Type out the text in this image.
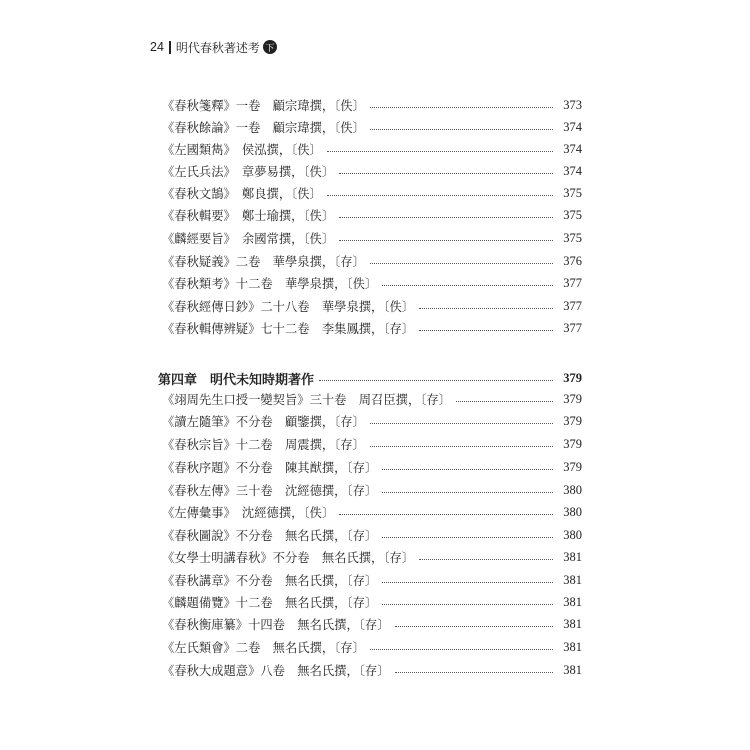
24 明代春秋著述考 下
《春秋箋釋》一卷　顧宗瑋撰，〔佚〕	373
《春秋餘論》一卷　顧宗瑋撰，〔佚〕	374
《左國類雋》　侯泓撰，〔佚〕	374
《左氏兵法》　章夢易撰，〔佚〕	374
《春秋文鵠》　鄭良撰，〔佚〕	375
《春秋輯要》　鄭士瑜撰，〔佚〕	375
《麟經要旨》　余國常撰，〔佚〕	375
《春秋疑義》二卷　華學泉撰，〔存〕	376
《春秋類考》十二卷　華學泉撰，〔佚〕	377
《春秋經傳日鈔》二十八卷　華學泉撰，〔佚〕	377
《春秋輯傳辨疑》七十二卷　李集鳳撰，〔存〕	377
第四章　明代未知時期著作	379
《翊周先生口授一變契旨》三十卷　周召臣撰，〔存〕	379
《讀左隨筆》不分卷　顧鑒撰，〔存〕	379
《春秋宗旨》十二卷　周震撰，〔存〕	379
《春秋序題》不分卷　陳其猷撰，〔存〕	379
《春秋左傳》三十卷　沈經德撰，〔存〕	380
《左傳彙事》　沈經德撰，〔佚〕	380
《春秋圖說》不分卷　無名氏撰，〔存〕	380
《女學士明講春秋》不分卷　無名氏撰，〔存〕	381
《春秋講章》不分卷　無名氏撰，〔存〕	381
《麟題備覽》十二卷　無名氏撰，〔存〕	381
《春秋衡庫纂》十四卷　無名氏撰，〔存〕	381
《左氏類會》二卷　無名氏撰，〔存〕	381
《春秋大成題意》八卷　無名氏撰，〔存〕	381
